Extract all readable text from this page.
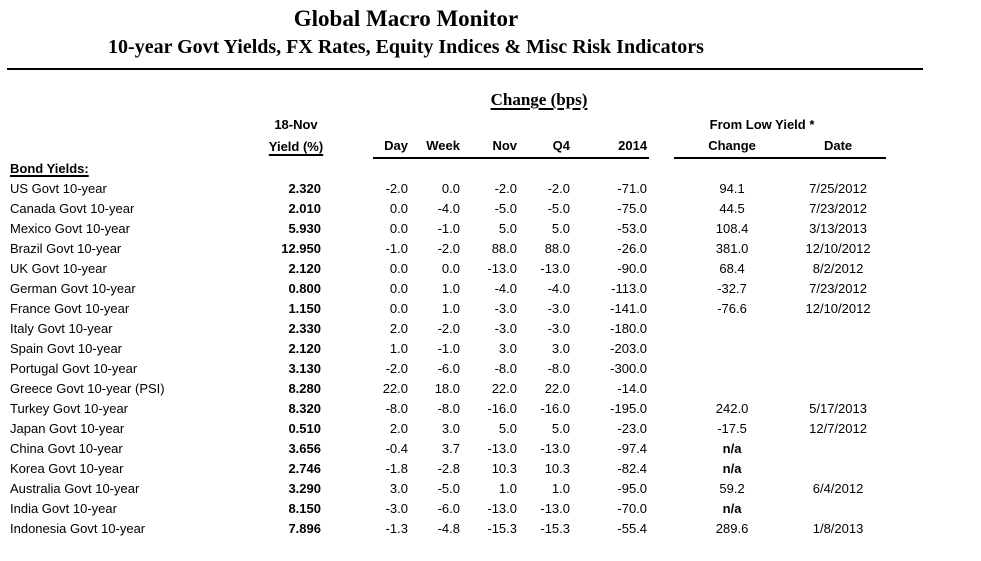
Global Macro Monitor
10-year Govt Yields, FX Rates, Equity Indices & Misc Risk Indicators
			Change (bps)								
	18-Nov								From Low Yield *		
	Yield (%)		Day	Week	Nov	Q4	2014		Change	Date	
Bond Yields:											
US Govt 10-year	2.320		-2.0	0.0	-2.0	-2.0	-71.0		94.1	7/25/2012	
Canada Govt 10-year	2.010		0.0	-4.0	-5.0	-5.0	-75.0		44.5	7/23/2012	
Mexico Govt 10-year	5.930		0.0	-1.0	5.0	5.0	-53.0		108.4	3/13/2013	
Brazil Govt 10-year	12.950		-1.0	-2.0	88.0	88.0	-26.0		381.0	12/10/2012	
UK Govt 10-year	2.120		0.0	0.0	-13.0	-13.0	-90.0		68.4	8/2/2012	
German Govt 10-year	0.800		0.0	1.0	-4.0	-4.0	-113.0		-32.7	7/23/2012	
France Govt 10-year	1.150		0.0	1.0	-3.0	-3.0	-141.0		-76.6	12/10/2012	
Italy Govt 10-year	2.330		2.0	-2.0	-3.0	-3.0	-180.0				
Spain Govt 10-year	2.120		1.0	-1.0	3.0	3.0	-203.0				
Portugal Govt 10-year	3.130		-2.0	-6.0	-8.0	-8.0	-300.0				
Greece Govt 10-year (PSI)	8.280		22.0	18.0	22.0	22.0	-14.0				
Turkey Govt 10-year	8.320		-8.0	-8.0	-16.0	-16.0	-195.0		242.0	5/17/2013	
Japan Govt 10-year	0.510		2.0	3.0	5.0	5.0	-23.0		-17.5	12/7/2012	
China Govt 10-year	3.656		-0.4	3.7	-13.0	-13.0	-97.4		n/a		
Korea Govt 10-year	2.746		-1.8	-2.8	10.3	10.3	-82.4		n/a		
Australia Govt 10-year	3.290		3.0	-5.0	1.0	1.0	-95.0		59.2	6/4/2012	
India Govt 10-year	8.150		-3.0	-6.0	-13.0	-13.0	-70.0		n/a		
Indonesia Govt 10-year	7.896		-1.3	-4.8	-15.3	-15.3	-55.4		289.6	1/8/2013	
